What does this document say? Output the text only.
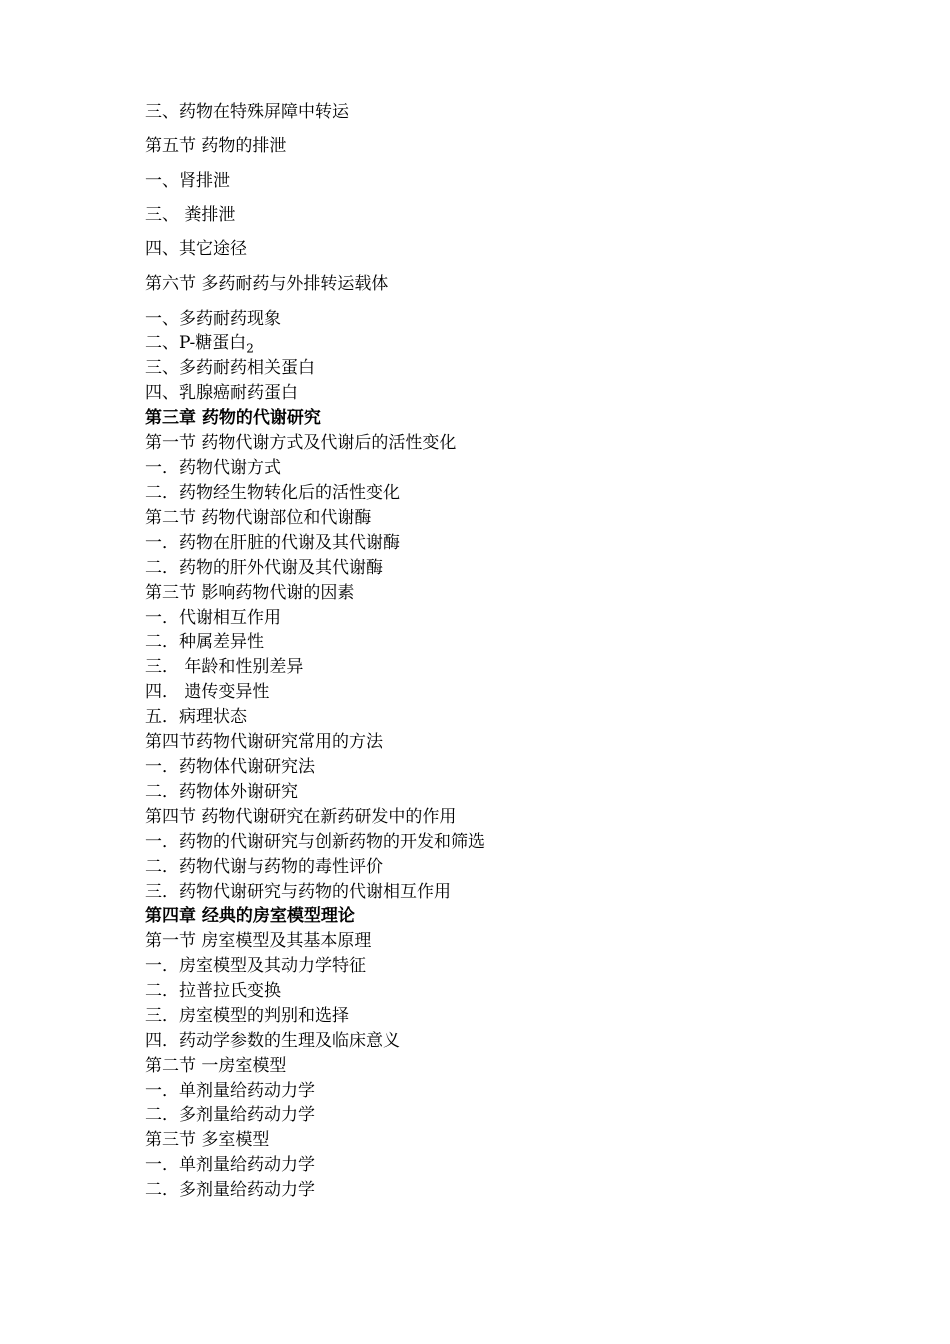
三、药物在特殊屏障中转运
第五节 药物的排泄
一、肾排泄
三、 粪排泄
四、其它途径
第六节 多药耐药与外排转运载体
一、多药耐药现象
二、P-糖蛋白$_2$
三、多药耐药相关蛋白
四、乳腺癌耐药蛋白
第三章 药物的代谢研究
第一节 药物代谢方式及代谢后的活性变化
一．药物代谢方式
二．药物经生物转化后的活性变化
第二节 药物代谢部位和代谢酶
一．药物在肝脏的代谢及其代谢酶
二．药物的肝外代谢及其代谢酶
第三节 影响药物代谢的因素
一．代谢相互作用
二．种属差异性
三． 年龄和性别差异
四． 遗传变异性
五．病理状态
第四节药物代谢研究常用的方法
一．药物体代谢研究法
二．药物体外谢研究
第四节 药物代谢研究在新药研发中的作用
一．药物的代谢研究与创新药物的开发和筛选
二．药物代谢与药物的毒性评价
三．药物代谢研究与药物的代谢相互作用
第四章 经典的房室模型理论
第一节 房室模型及其基本原理
一．房室模型及其动力学特征
二．拉普拉氏变换
三．房室模型的判别和选择
四．药动学参数的生理及临床意义
第二节 一房室模型
一．单剂量给药动力学
二．多剂量给药动力学
第三节 多室模型
一．单剂量给药动力学
二．多剂量给药动力学
